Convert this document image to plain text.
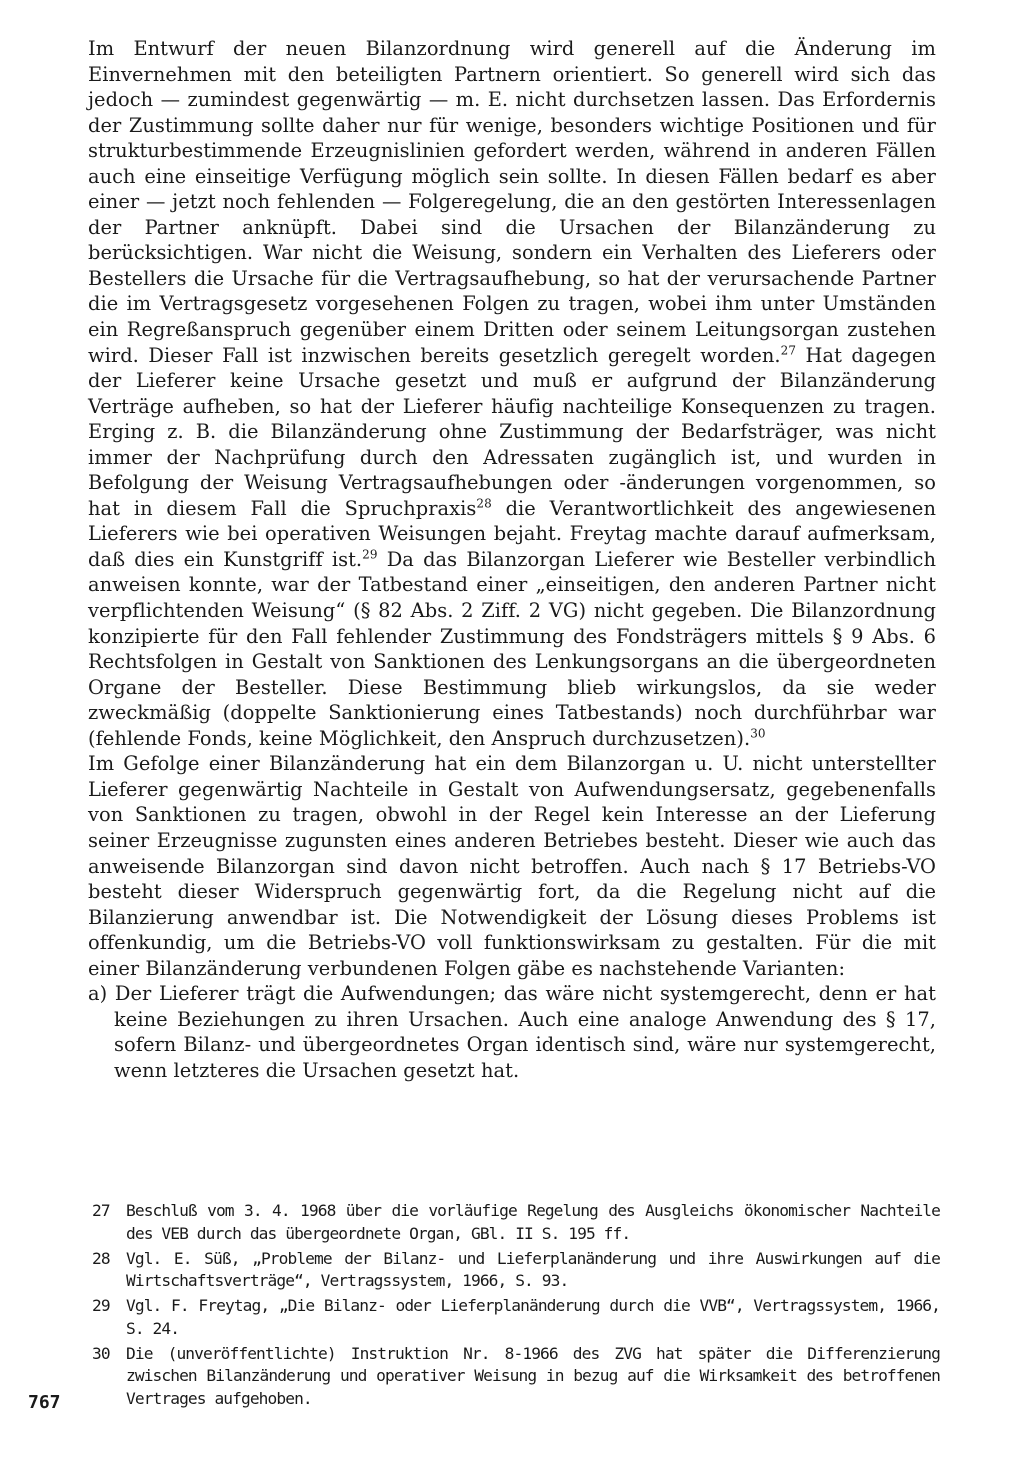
Im Entwurf der neuen Bilanzordnung wird generell auf die Änderung im Einvernehmen mit den beteiligten Partnern orientiert. So generell wird sich das jedoch — zumindest gegenwärtig — m. E. nicht durchsetzen lassen. Das Erfordernis der Zustimmung sollte daher nur für wenige, besonders wichtige Positionen und für strukturbestimmende Erzeugnislinien gefordert werden, während in anderen Fällen auch eine einseitige Verfügung möglich sein sollte. In diesen Fällen bedarf es aber einer — jetzt noch fehlenden — Folgeregelung, die an den gestörten Interessenlagen der Partner anknüpft. Dabei sind die Ursachen der Bilanzänderung zu berücksichtigen. War nicht die Weisung, sondern ein Verhalten des Lieferers oder Bestellers die Ursache für die Vertragsaufhebung, so hat der verursachende Partner die im Vertragsgesetz vorgesehenen Folgen zu tragen, wobei ihm unter Umständen ein Regreßanspruch gegenüber einem Dritten oder seinem Leitungsorgan zustehen wird. Dieser Fall ist inzwischen bereits gesetzlich geregelt worden.$^{27}$ Hat dagegen der Lieferer keine Ursache gesetzt und muß er aufgrund der Bilanzänderung Verträge aufheben, so hat der Lieferer häufig nachteilige Konsequenzen zu tragen. Erging z. B. die Bilanzänderung ohne Zustimmung der Bedarfsträger, was nicht immer der Nachprüfung durch den Adressaten zugänglich ist, und wurden in Befolgung der Weisung Vertragsaufhebungen oder -änderungen vorgenommen, so hat in diesem Fall die Spruchpraxis$^{28}$ die Verantwortlichkeit des angewiesenen Lieferers wie bei operativen Weisungen bejaht. Freytag machte darauf aufmerksam, daß dies ein Kunstgriff ist.$^{29}$ Da das Bilanzorgan Lieferer wie Besteller verbindlich anweisen konnte, war der Tatbestand einer „einseitigen, den anderen Partner nicht verpflichtenden Weisung“ (§ 82 Abs. 2 Ziff. 2 VG) nicht gegeben. Die Bilanzordnung konzipierte für den Fall fehlender Zustimmung des Fondsträgers mittels § 9 Abs. 6 Rechtsfolgen in Gestalt von Sanktionen des Lenkungsorgans an die übergeordneten Organe der Besteller. Diese Bestimmung blieb wirkungslos, da sie weder zweckmäßig (doppelte Sanktionierung eines Tatbestands) noch durchführbar war (fehlende Fonds, keine Möglichkeit, den Anspruch durchzusetzen).$^{30}$

Im Gefolge einer Bilanzänderung hat ein dem Bilanzorgan u. U. nicht unterstellter Lieferer gegenwärtig Nachteile in Gestalt von Aufwendungsersatz, gegebenenfalls von Sanktionen zu tragen, obwohl in der Regel kein Interesse an der Lieferung seiner Erzeugnisse zugunsten eines anderen Betriebes besteht. Dieser wie auch das anweisende Bilanzorgan sind davon nicht betroffen. Auch nach § 17 Betriebs-VO besteht dieser Widerspruch gegenwärtig fort, da die Regelung nicht auf die Bilanzierung anwendbar ist. Die Notwendigkeit der Lösung dieses Problems ist offenkundig, um die Betriebs-VO voll funktionswirksam zu gestalten. Für die mit einer Bilanzänderung verbundenen Folgen gäbe es nachstehende Varianten:

a) Der Lieferer trägt die Aufwendungen; das wäre nicht systemgerecht, denn er hat keine Beziehungen zu ihren Ursachen. Auch eine analoge Anwendung des § 17, sofern Bilanz- und übergeordnetes Organ identisch sind, wäre nur systemgerecht, wenn letzteres die Ursachen gesetzt hat.

27	Beschluß vom 3. 4. 1968 über die vorläufige Regelung des Ausgleichs ökonomischer Nachteile des VEB durch das übergeordnete Organ, GBl. II S. 195 ff.
28	Vgl. E. Süß, „Probleme der Bilanz- und Lieferplanänderung und ihre Auswirkungen auf die Wirtschaftsverträge“, Vertragssystem, 1966, S. 93.
29	Vgl. F. Freytag, „Die Bilanz- oder Lieferplanänderung durch die VVB“, Vertragssystem, 1966, S. 24.
30	Die (unveröffentlichte) Instruktion Nr. 8-1966 des ZVG hat später die Differenzierung zwischen Bilanzänderung und operativer Weisung in bezug auf die Wirksamkeit des betroffenen Vertrages aufgehoben.
767
